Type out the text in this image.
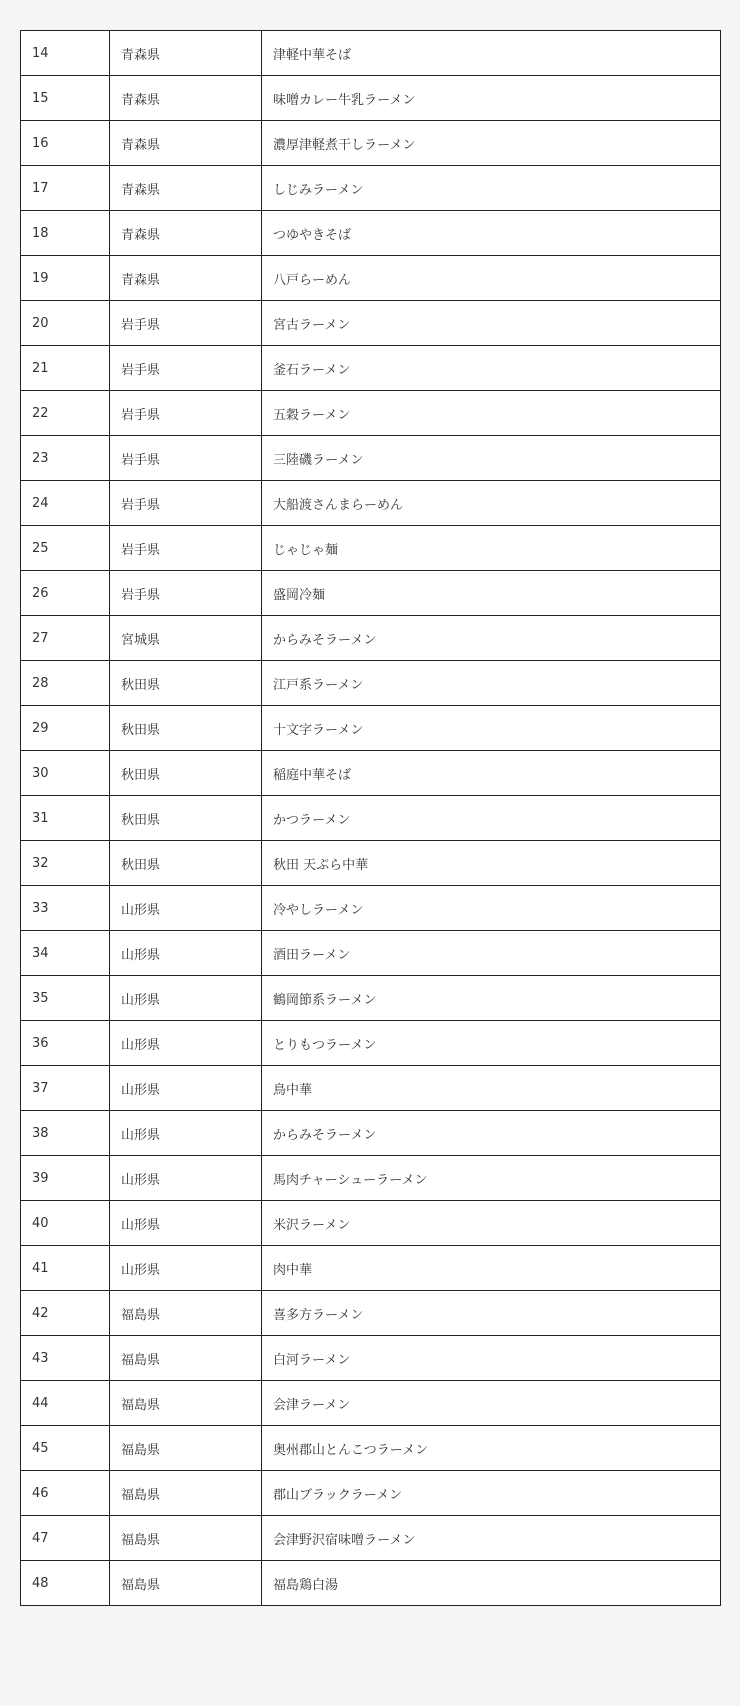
14	青森県	津軽中華そば
15	青森県	味噌カレー牛乳ラーメン
16	青森県	濃厚津軽煮干しラーメン
17	青森県	しじみラーメン
18	青森県	つゆやきそば
19	青森県	八戸らーめん
20	岩手県	宮古ラーメン
21	岩手県	釜石ラーメン
22	岩手県	五穀ラーメン
23	岩手県	三陸磯ラーメン
24	岩手県	大船渡さんまらーめん
25	岩手県	じゃじゃ麺
26	岩手県	盛岡冷麺
27	宮城県	からみそラーメン
28	秋田県	江戸系ラーメン
29	秋田県	十文字ラーメン
30	秋田県	稲庭中華そば
31	秋田県	かつラーメン
32	秋田県	秋田 天ぷら中華
33	山形県	冷やしラーメン
34	山形県	酒田ラーメン
35	山形県	鶴岡節系ラーメン
36	山形県	とりもつラーメン
37	山形県	鳥中華
38	山形県	からみそラーメン
39	山形県	馬肉チャーシューラーメン
40	山形県	米沢ラーメン
41	山形県	肉中華
42	福島県	喜多方ラーメン
43	福島県	白河ラーメン
44	福島県	会津ラーメン
45	福島県	奥州郡山とんこつラーメン
46	福島県	郡山ブラックラーメン
47	福島県	会津野沢宿味噌ラーメン
48	福島県	福島鶏白湯
